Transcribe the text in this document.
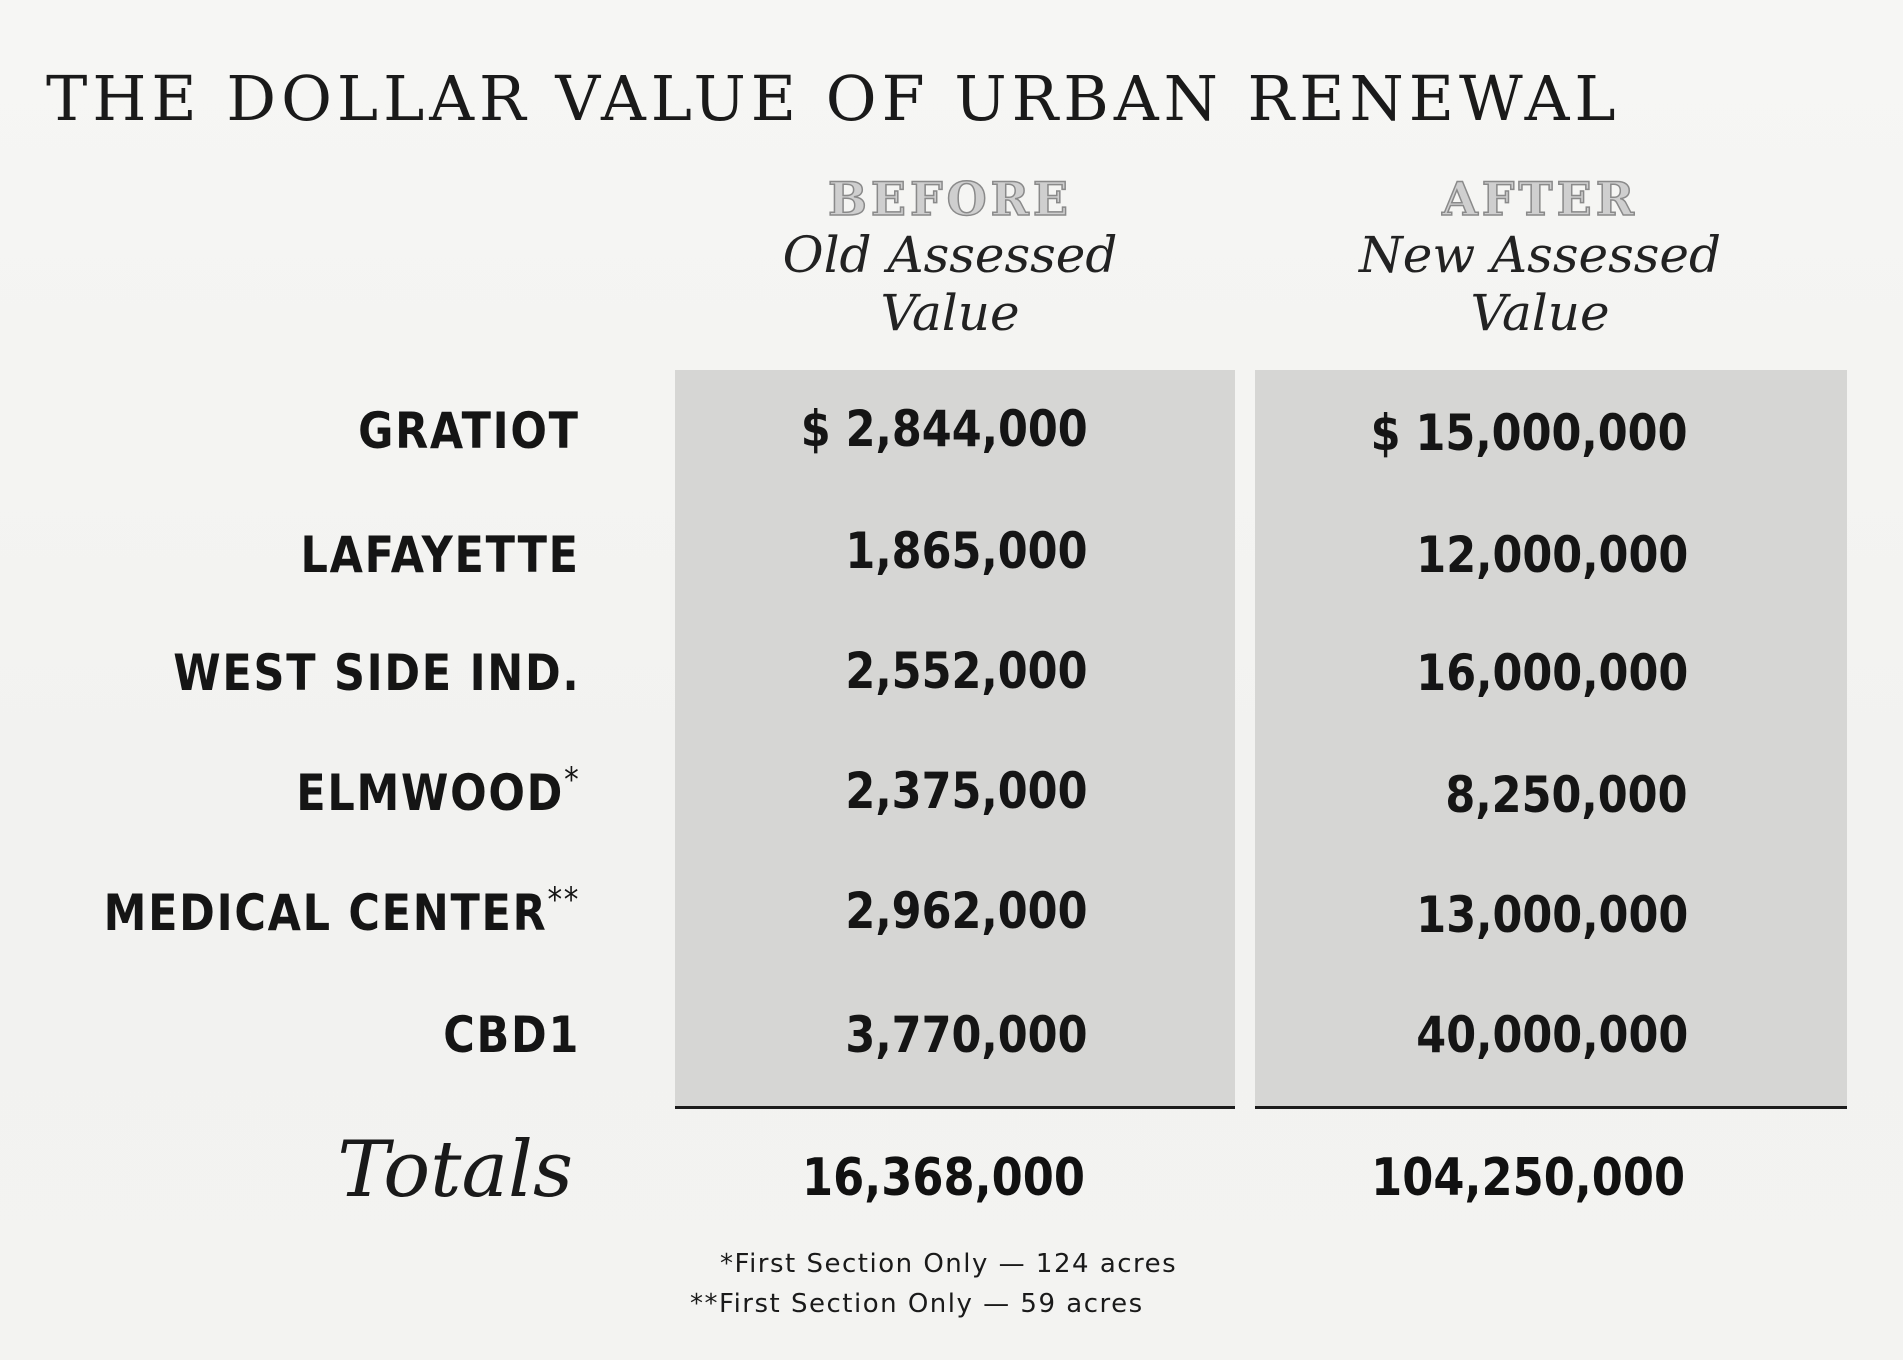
THE DOLLAR VALUE OF URBAN RENEWAL
BEFORE
Old Assessed
Value
AFTER
New Assessed
Value
GRATIOT	$ 2,844,000	$ 15,000,000
LAFAYETTE	1,865,000	12,000,000
WEST SIDE IND.	2,552,000	16,000,000
ELMWOOD*	2,375,000	8,250,000
MEDICAL CENTER**	2,962,000	13,000,000
CBD1	3,770,000	40,000,000
Totals	16,368,000	104,250,000
*First Section Only — 124 acres
**First Section Only — 59 acres
